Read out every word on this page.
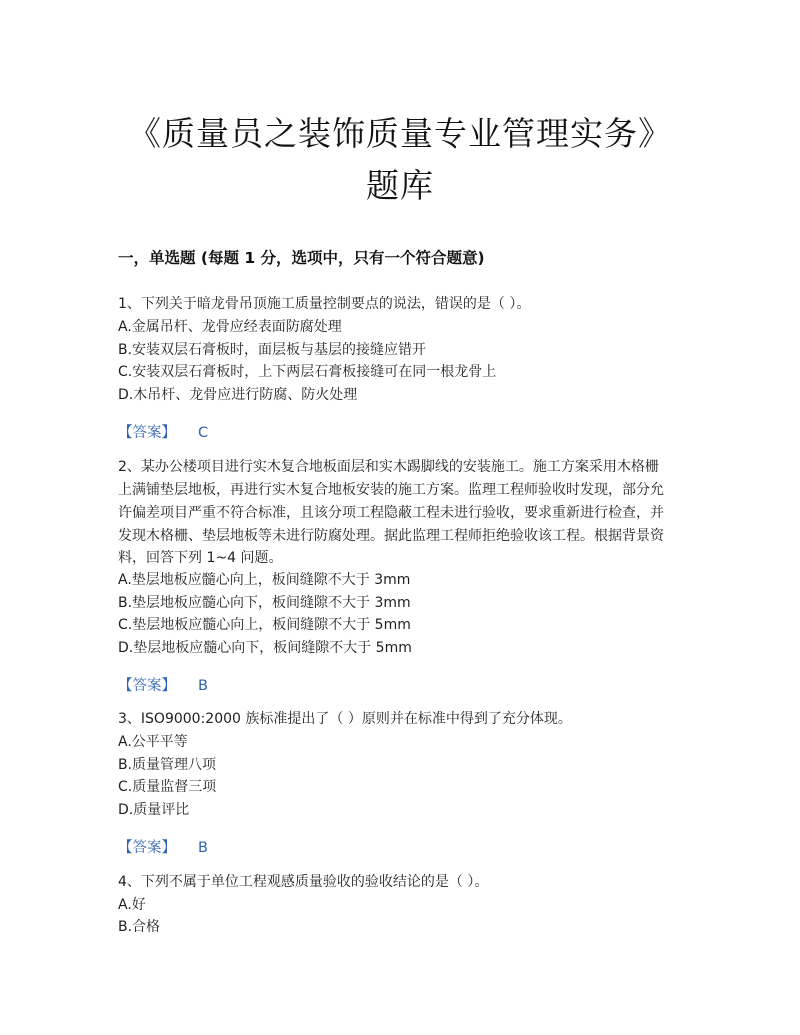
《质量员之装饰质量专业管理实务》
题库
一，单选题 (每题 1 分，选项中，只有一个符合题意)
1、下列关于暗龙骨吊顶施工质量控制要点的说法，错误的是（ ）。
A.金属吊杆、龙骨应经表面防腐处理
B.安装双层石膏板时，面层板与基层的接缝应错开
C.安装双层石膏板时，上下两层石膏板接缝可在同一根龙骨上
D.木吊杆、龙骨应进行防腐、防火处理
【答案】 C
2、某办公楼项目进行实木复合地板面层和实木踢脚线的安装施工。施工方案采用木格栅
上满铺垫层地板，再进行实木复合地板安装的施工方案。监理工程师验收时发现，部分允
许偏差项目严重不符合标准，且该分项工程隐蔽工程未进行验收，要求重新进行检查，并
发现木格栅、垫层地板等未进行防腐处理。据此监理工程师拒绝验收该工程。根据背景资
料，回答下列 1~4 问题。
A.垫层地板应髓心向上，板间缝隙不大于 3mm
B.垫层地板应髓心向下，板间缝隙不大于 3mm
C.垫层地板应髓心向上，板间缝隙不大于 5mm
D.垫层地板应髓心向下，板间缝隙不大于 5mm
【答案】 B
3、ISO9000:2000 族标准提出了（ ）原则并在标准中得到了充分体现。
A.公平平等
B.质量管理八项
C.质量监督三项
D.质量评比
【答案】 B
4、下列不属于单位工程观感质量验收的验收结论的是（ ）。
A.好
B.合格
